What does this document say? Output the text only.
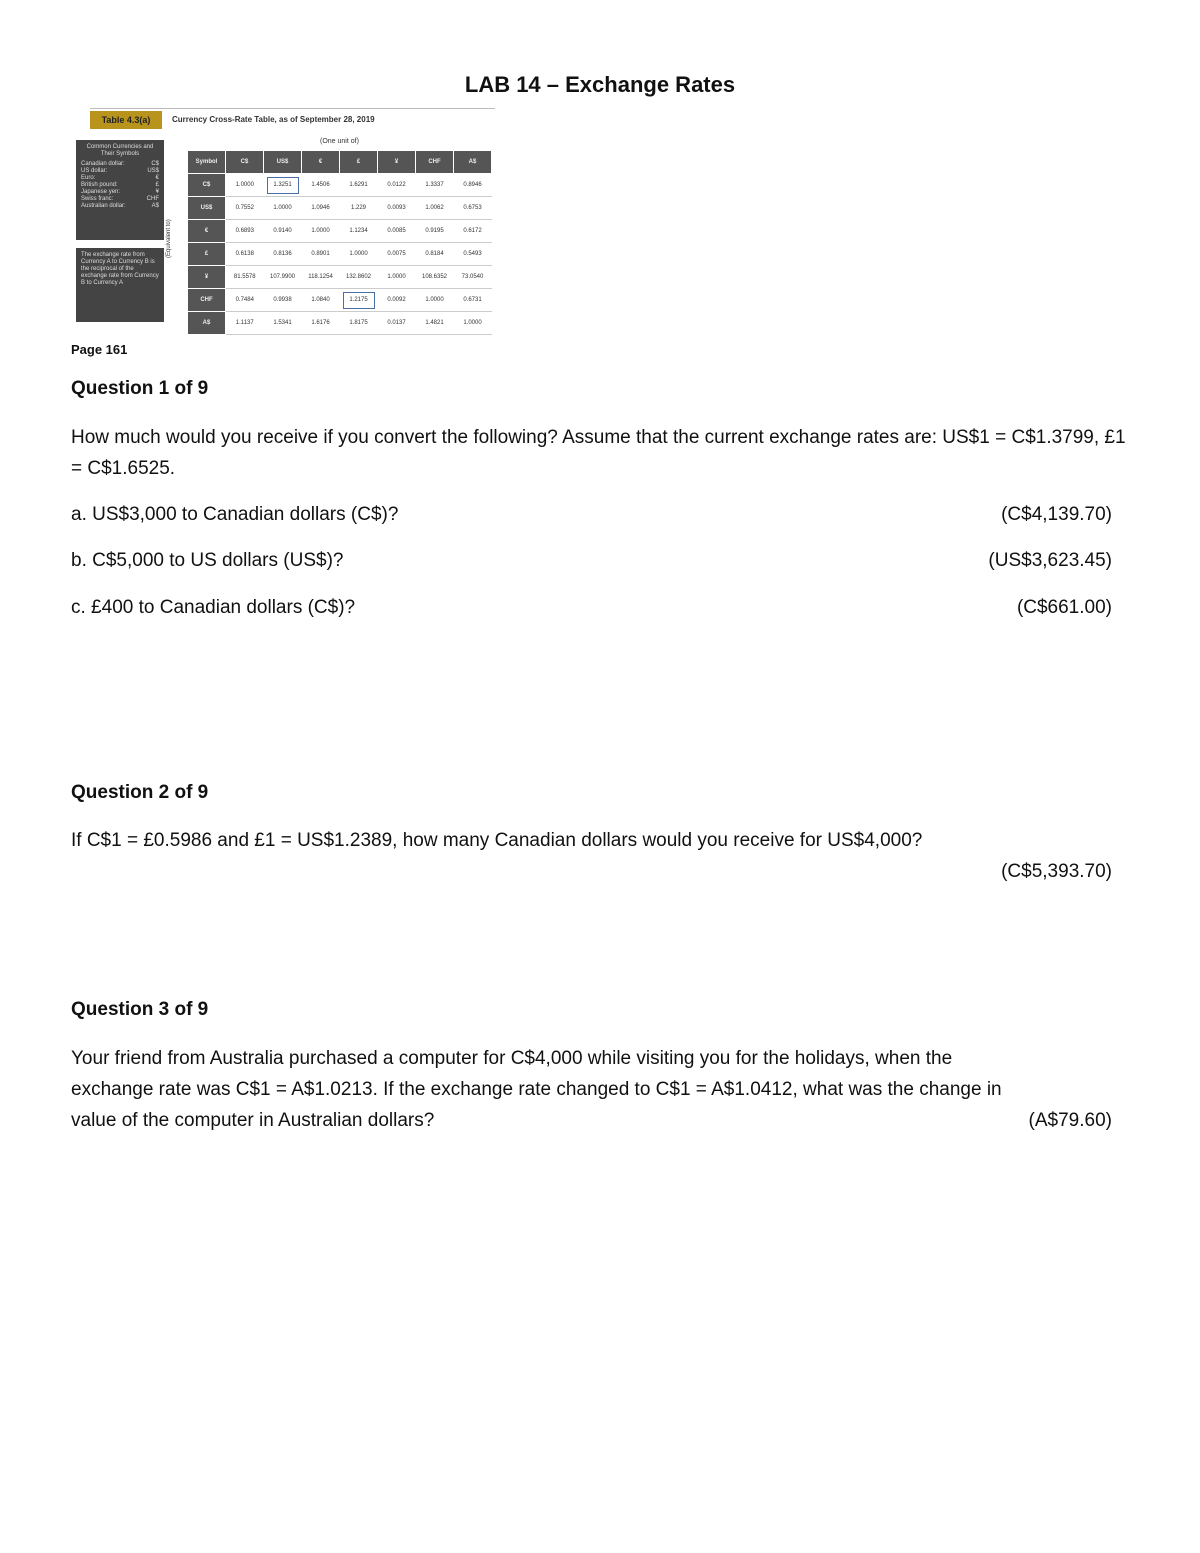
LAB 14 – Exchange Rates
Table 4.3(a)	Currency Cross-Rate Table, as of September 28, 2019
Common Currencies and Their Symbols
Canadian dollar:	C$
US dollar:	US$
Euro:	€
British pound:	£
Japanese yen:	¥
Swiss franc:	CHF
Australian dollar:	A$
The exchange rate from Currency A to Currency B is the reciprocal of the exchange rate from Currency B to Currency A
(One unit of)
(Equivalent to)
Symbol	C$	US$	€	£	¥	CHF	A$
C$	1.0000	1.3251	1.4506	1.6291	0.0122	1.3337	0.8946
US$	0.7552	1.0000	1.0946	1.229	0.0093	1.0062	0.6753
€	0.6893	0.9140	1.0000	1.1234	0.0085	0.9195	0.6172
£	0.6138	0.8136	0.8901	1.0000	0.0075	0.8184	0.5493
¥	81.5578	107.9900	118.1254	132.8602	1.0000	108.6352	73.0540
CHF	0.7484	0.9938	1.0840	1.2175	0.0092	1.0000	0.6731
A$	1.1137	1.5341	1.6176	1.8175	0.0137	1.4821	1.0000
Page 161
Question 1 of 9
How much would you receive if you convert the following? Assume that the current exchange rates are: US$1 = C$1.3799, £1 = C$1.6525.
a. US$3,000 to Canadian dollars (C$)?	(C$4,139.70)
b. C$5,000 to US dollars (US$)?	(US$3,623.45)
c. £400 to Canadian dollars (C$)?	(C$661.00)
Question 2 of 9
If C$1 = £0.5986 and £1 = US$1.2389, how many Canadian dollars would you receive for US$4,000?
(C$5,393.70)
Question 3 of 9
Your friend from Australia purchased a computer for C$4,000 while visiting you for the holidays, when the
exchange rate was C$1 = A$1.0213. If the exchange rate changed to C$1 = A$1.0412, what was the change in
value of the computer in Australian dollars?	(A$79.60)
